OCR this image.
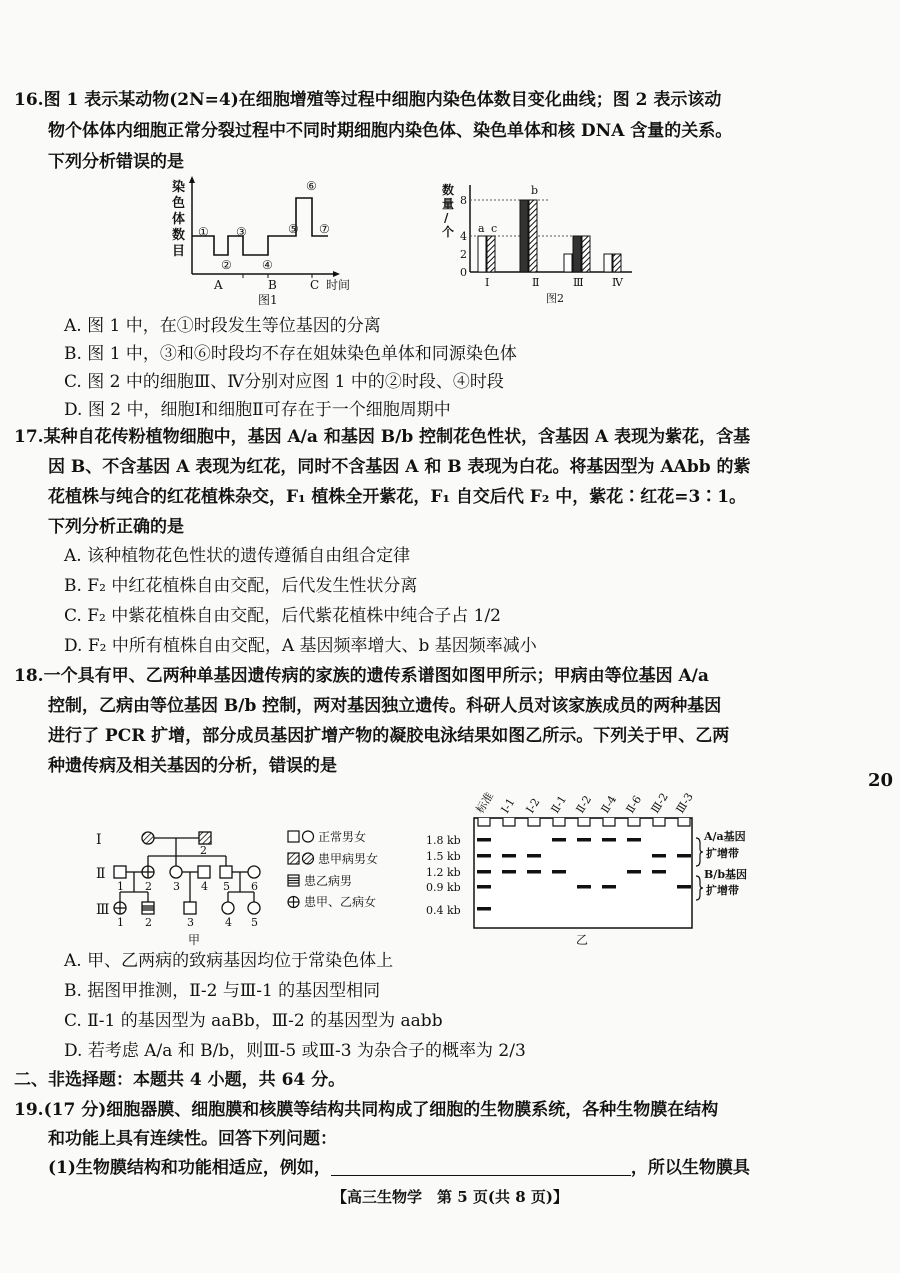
16.图 1 表示某动物(2N=4)在细胞增殖等过程中细胞内染色体数目变化曲线；图 2 表示该动
物个体体内细胞正常分裂过程中不同时期细胞内染色体、染色单体和核 DNA 含量的关系。
下列分析错误的是
染
色
体
数
目
①
②
③
④
⑤
⑥
⑦
A	B	C 时间
图1
数
量
/
个
0
2
4
8
a c
b
Ⅰ	Ⅱ	Ⅲ	Ⅳ
图2
A. 图 1 中，在①时段发生等位基因的分离
B. 图 1 中，③和⑥时段均不存在姐妹染色单体和同源染色体
C. 图 2 中的细胞Ⅲ、Ⅳ分别对应图 1 中的②时段、④时段
D. 图 2 中，细胞Ⅰ和细胞Ⅱ可存在于一个细胞周期中
17.某种自花传粉植物细胞中，基因 A/a 和基因 B/b 控制花色性状，含基因 A 表现为紫花，含基
因 B、不含基因 A 表现为红花，同时不含基因 A 和 B 表现为白花。将基因型为 AAbb 的紫
花植株与纯合的红花植株杂交，F₁ 植株全开紫花，F₁ 自交后代 F₂ 中，紫花∶红花=3∶1。
下列分析正确的是
A. 该种植物花色性状的遗传遵循自由组合定律
B. F₂ 中红花植株自由交配，后代发生性状分离
C. F₂ 中紫花植株自由交配，后代紫花植株中纯合子占 1/2
D. F₂ 中所有植株自由交配，A 基因频率增大、b 基因频率减小
18.一个具有甲、乙两种单基因遗传病的家族的遗传系谱图如图甲所示；甲病由等位基因 A/a
控制，乙病由等位基因 B/b 控制，两对基因独立遗传。科研人员对该家族成员的两种基因
进行了 PCR 扩增，部分成员基因扩增产物的凝胶电泳结果如图乙所示。下列关于甲、乙两
种遗传病及相关基因的分析，错误的是
20
Ⅰ
Ⅱ
Ⅲ
2
1 2 3 4 5 6
1 2	3	4 5
甲
正常男女
患甲病男女
患乙病男
患甲、乙病女
标准 Ⅰ-1 Ⅰ-2 Ⅱ-1 Ⅱ-2 Ⅱ-4 Ⅱ-6 Ⅲ-2 Ⅲ-3
1.8 kb
1.5 kb
1.2 kb
0.9 kb
0.4 kb
A/a基因
扩增带
B/b基因
扩增带
乙
A. 甲、乙两病的致病基因均位于常染色体上
B. 据图甲推测，Ⅱ-2 与Ⅲ-1 的基因型相同
C. Ⅱ-1 的基因型为 aaBb，Ⅲ-2 的基因型为 aabb
D. 若考虑 A/a 和 B/b，则Ⅲ-5 或Ⅲ-3 为杂合子的概率为 2/3
二、非选择题：本题共 4 小题，共 64 分。
19.(17 分)细胞器膜、细胞膜和核膜等结构共同构成了细胞的生物膜系统，各种生物膜在结构
和功能上具有连续性。回答下列问题：
(1)生物膜结构和功能相适应，例如，	，所以生物膜具
【高三生物学　第 5 页(共 8 页)】
